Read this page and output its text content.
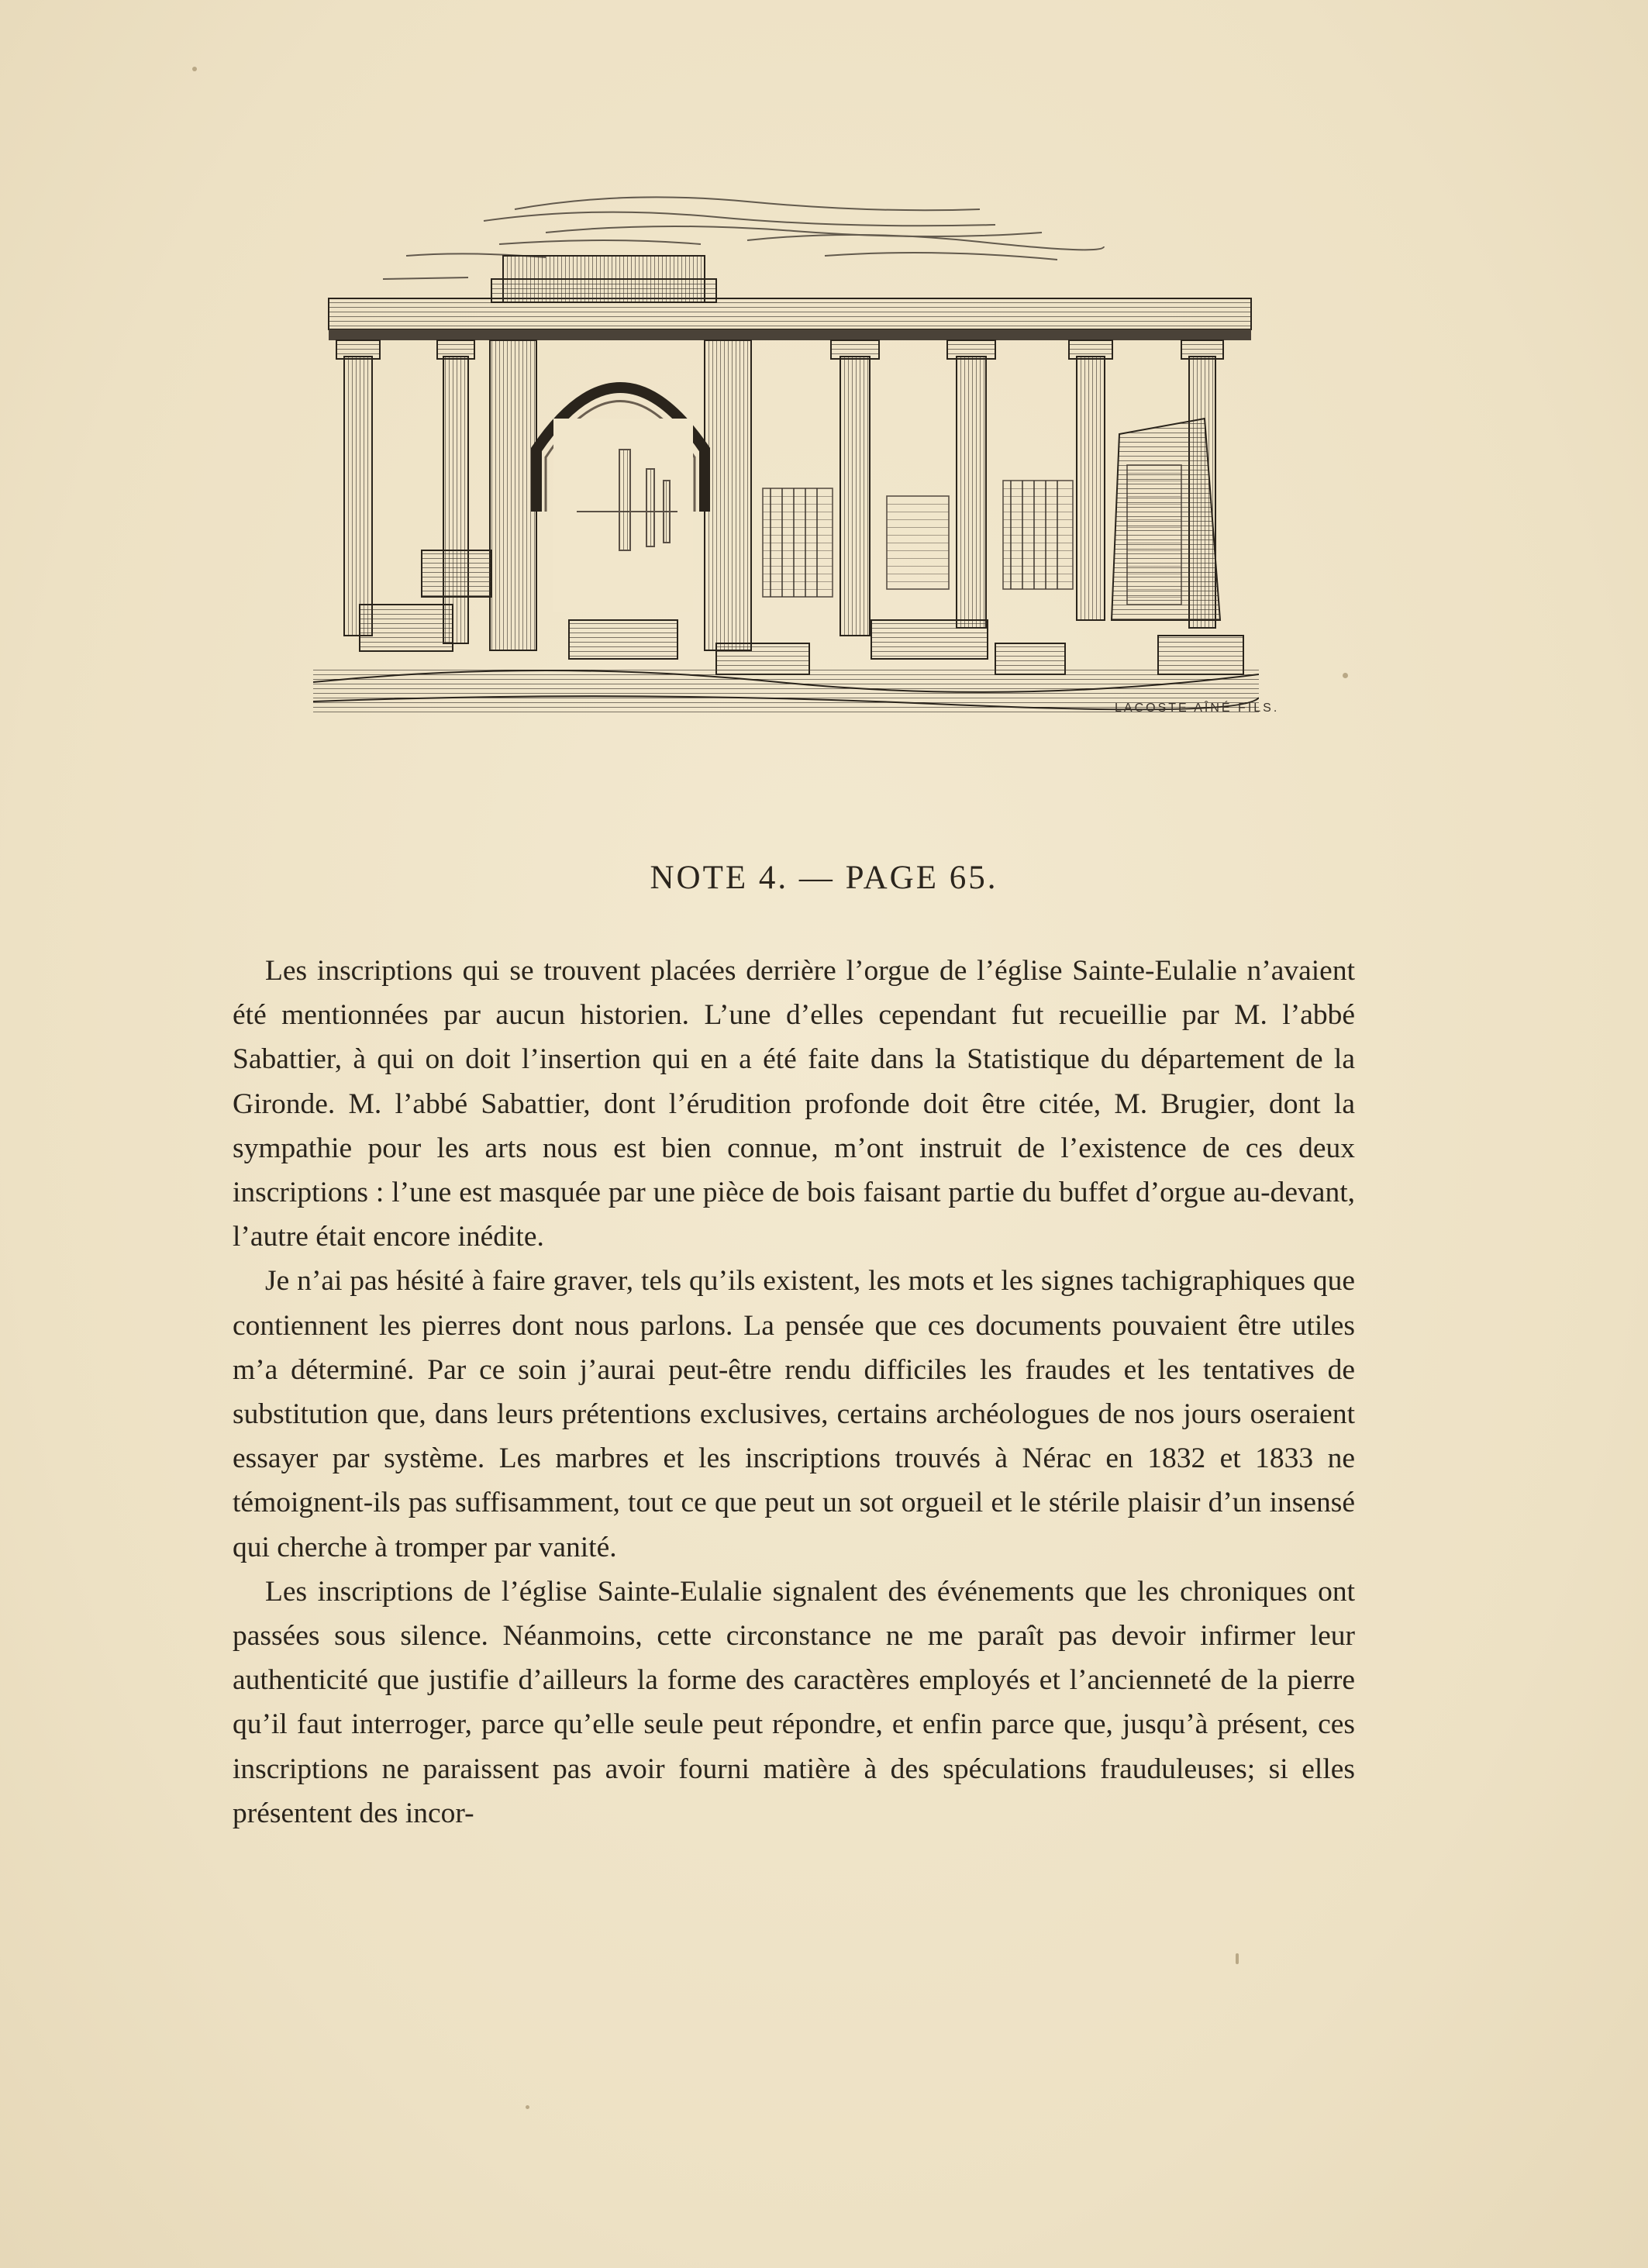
LACOSTE AÎNÉ FILS.
NOTE 4. — PAGE 65.

Les inscriptions qui se trouvent placées derrière l’orgue de l’église Sainte-Eulalie n’avaient été mentionnées par aucun historien. L’une d’elles cependant fut recueillie par M. l’abbé Sabattier, à qui on doit l’insertion qui en a été faite dans la Statistique du département de la Gironde. M. l’abbé Sabattier, dont l’érudition profonde doit être citée, M. Brugier, dont la sympathie pour les arts nous est bien connue, m’ont instruit de l’existence de ces deux inscriptions : l’une est masquée par une pièce de bois faisant partie du buffet d’orgue au-devant, l’autre était encore inédite.

Je n’ai pas hésité à faire graver, tels qu’ils existent, les mots et les signes tachigraphiques que contiennent les pierres dont nous parlons. La pensée que ces documents pouvaient être utiles m’a déterminé. Par ce soin j’aurai peut-être rendu difficiles les fraudes et les tentatives de substitution que, dans leurs prétentions exclusives, certains archéologues de nos jours oseraient essayer par système. Les marbres et les inscriptions trouvés à Nérac en 1832 et 1833 ne témoignent-ils pas suffisamment, tout ce que peut un sot orgueil et le stérile plaisir d’un insensé qui cherche à tromper par vanité.

Les inscriptions de l’église Sainte-Eulalie signalent des événements que les chroniques ont passées sous silence. Néanmoins, cette circonstance ne me paraît pas devoir infirmer leur authenticité que justifie d’ailleurs la forme des caractères employés et l’ancienneté de la pierre qu’il faut interroger, parce qu’elle seule peut répondre, et enfin parce que, jusqu’à présent, ces inscriptions ne paraissent pas avoir fourni matière à des spéculations frauduleuses; si elles présentent des incor-
